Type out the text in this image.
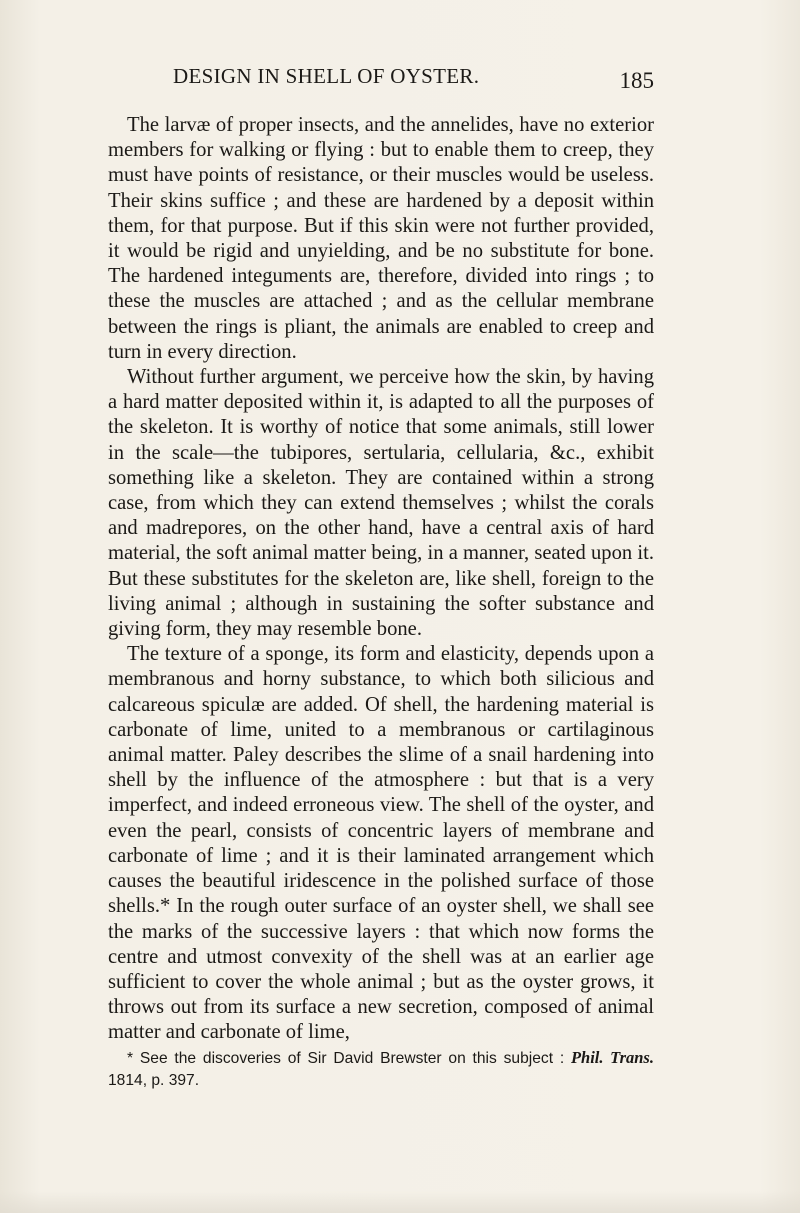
DESIGN IN SHELL OF OYSTER.	185

The larvæ of proper insects, and the annelides, have no exterior members for walking or flying : but to enable them to creep, they must have points of resistance, or their muscles would be useless. Their skins suffice ; and these are hardened by a deposit within them, for that purpose. But if this skin were not further provided, it would be rigid and unyielding, and be no substitute for bone. The hardened integuments are, therefore, divided into rings ; to these the muscles are attached ; and as the cellular membrane between the rings is pliant, the animals are enabled to creep and turn in every direction.

Without further argument, we perceive how the skin, by having a hard matter deposited within it, is adapted to all the purposes of the skeleton. It is worthy of notice that some animals, still lower in the scale—the tubipores, sertularia, cellularia, &c., exhibit something like a skeleton. They are contained within a strong case, from which they can extend themselves ; whilst the corals and madrepores, on the other hand, have a central axis of hard material, the soft animal matter being, in a manner, seated upon it. But these substitutes for the skeleton are, like shell, foreign to the living animal ; although in sustaining the softer substance and giving form, they may resemble bone.

The texture of a sponge, its form and elasticity, depends upon a membranous and horny substance, to which both silicious and calcareous spiculæ are added. Of shell, the hardening material is carbonate of lime, united to a membranous or cartilaginous animal matter. Paley describes the slime of a snail hardening into shell by the influence of the atmosphere : but that is a very imperfect, and indeed erroneous view. The shell of the oyster, and even the pearl, consists of concentric layers of membrane and carbonate of lime ; and it is their laminated arrangement which causes the beautiful iridescence in the polished surface of those shells.* In the rough outer surface of an oyster shell, we shall see the marks of the successive layers : that which now forms the centre and utmost convexity of the shell was at an earlier age sufficient to cover the whole animal ; but as the oyster grows, it throws out from its surface a new secretion, composed of animal matter and carbonate of lime,

* See the discoveries of Sir David Brewster on this subject : Phil. Trans. 1814, p. 397.
